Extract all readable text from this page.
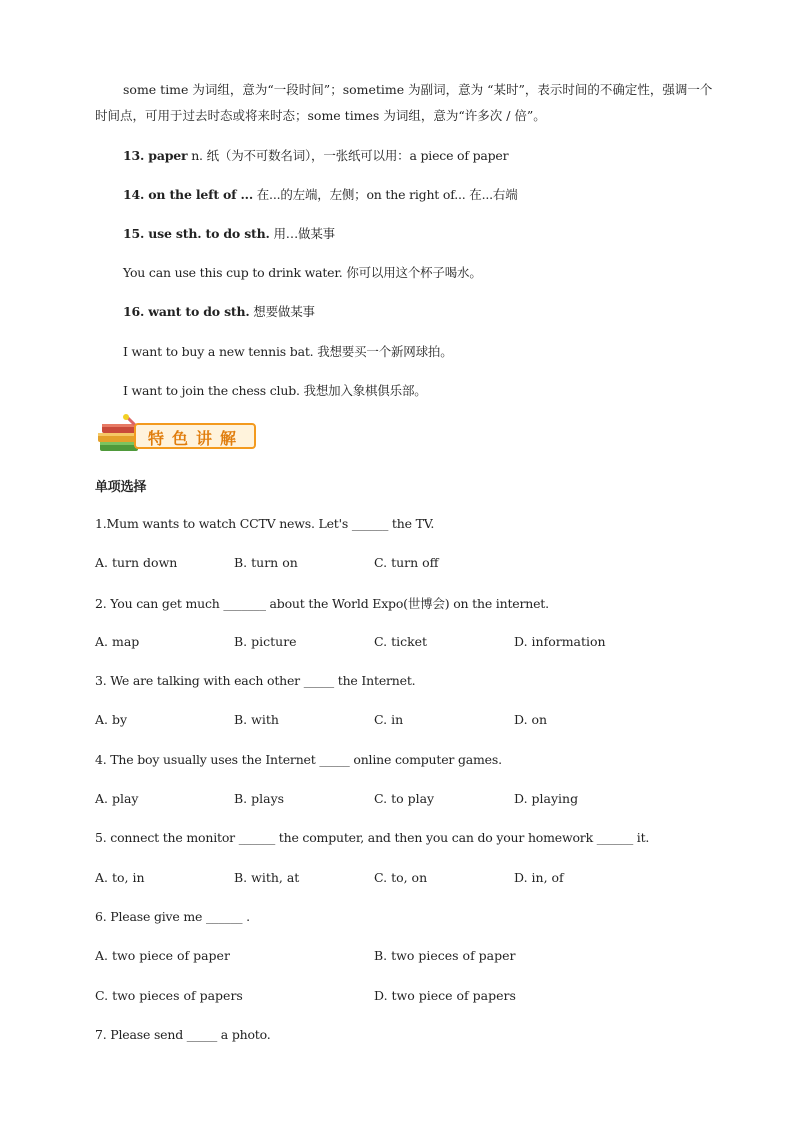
some time 为词组，意为“一段时间”；sometime 为副词，意为 “某时”，表示时间的不确定性，强调一个时间点，可用于过去时态或将来时态；some times 为词组，意为“许多次 / 倍”。
13. paper n. 纸（为不可数名词），一张纸可以用：a piece of paper
14. on the left of ... 在...的左端，左侧；on the right of... 在...右端
15. use sth. to do sth. 用…做某事
You can use this cup to drink water. 你可以用这个杯子喝水。
16. want to do sth. 想要做某事
I want to buy a new tennis bat. 我想要买一个新网球拍。
I want to join the chess club. 我想加入象棋俱乐部。
特色讲解
单项选择
1.Mum wants to watch CCTV news. Let's ______ the TV.
A. turn down	B. turn on	C. turn off
2. You can get much _______ about the World Expo(世博会) on the internet.
A. map	B. picture	C. ticket	D. information
3. We are talking with each other _____ the Internet.
A. by	B. with	C. in	D. on
4. The boy usually uses the Internet _____ online computer games.
A. play	B. plays	C. to play	D. playing
5. connect the monitor ______ the computer, and then you can do your homework ______ it.
A. to, in	B. with, at	C. to, on	D. in, of
6. Please give me ______ .
A. two piece of paper	B. two pieces of paper
C. two pieces of papers	D. two piece of papers
7. Please send _____ a photo.
